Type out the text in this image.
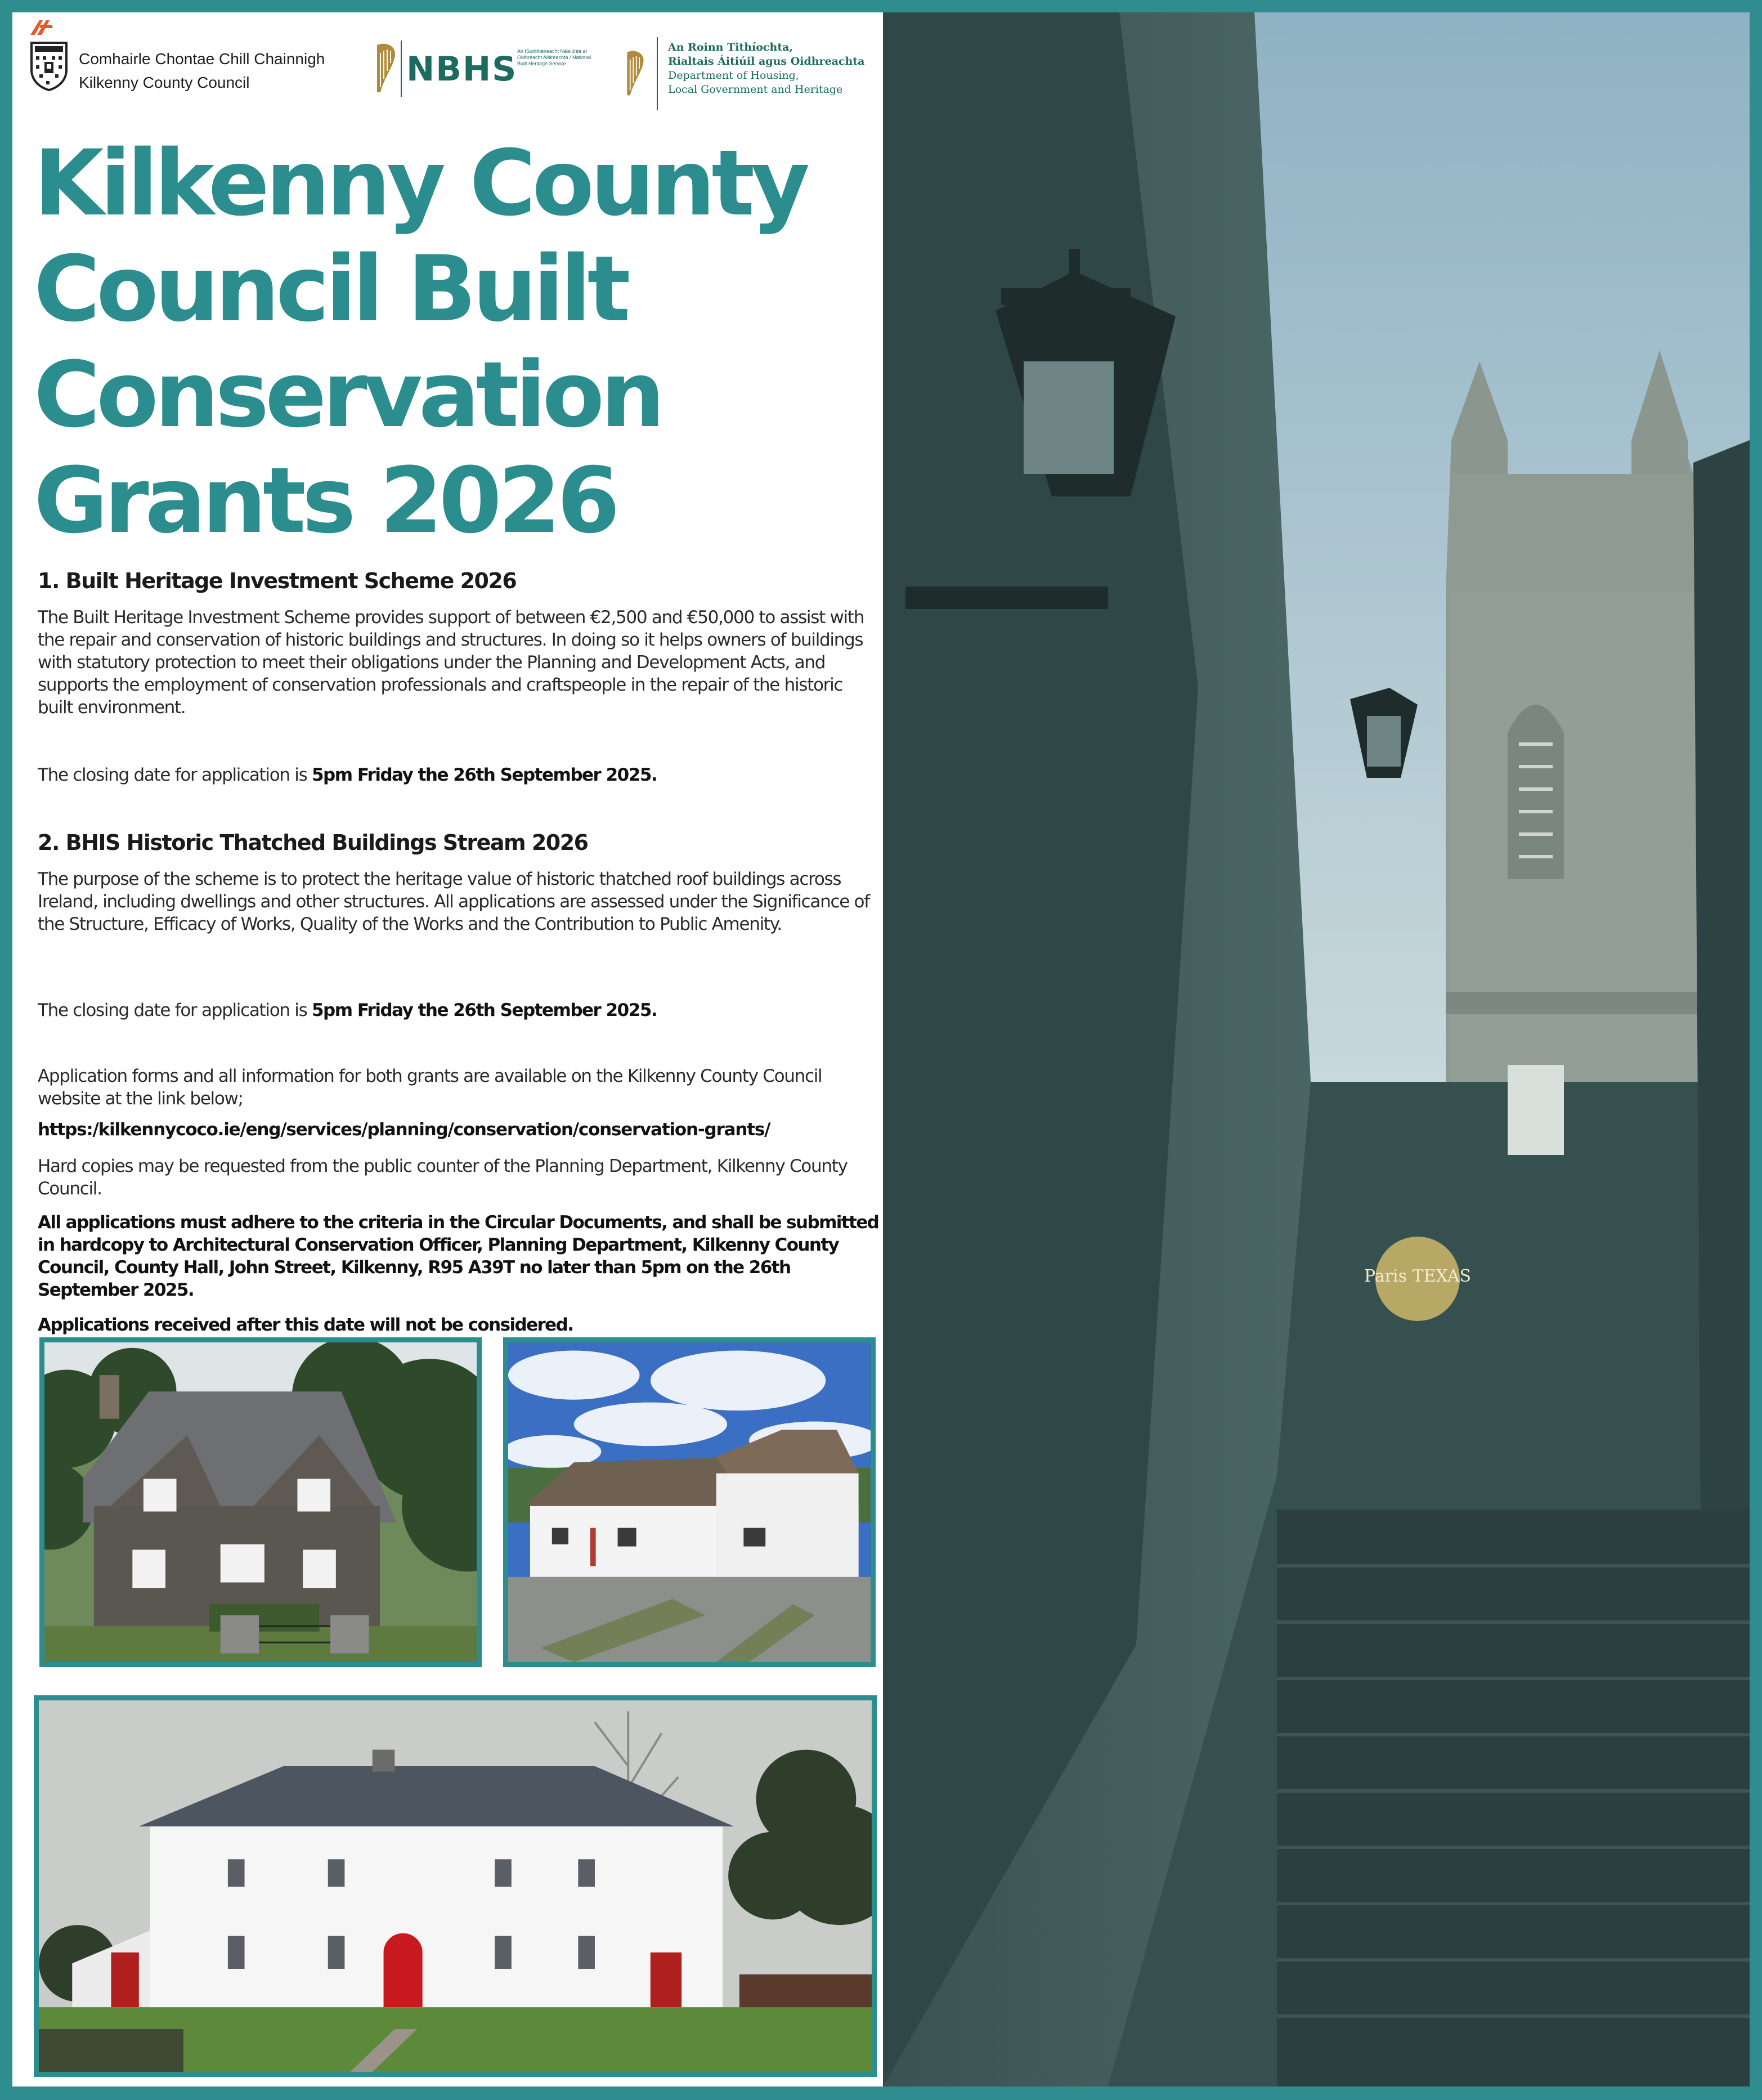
Comhairle Chontae Chill Chainnigh
Kilkenny County Council	NBHS An tSuirbhéireacht Náisiúnta ar Oidhreacht Ailtireachta / National Built Heritage Service
An Roinn Tithíochta,
Rialtais Áitiúil agus Oidhreachta
Department of Housing,
Local Government and Heritage
Kilkenny County
Council Built
Conservation
Grants 2026
1. Built Heritage Investment Scheme 2026

The Built Heritage Investment Scheme provides support of between €2,500 and €50,000 to assist with the repair and conservation of historic buildings and structures. In doing so it helps owners of buildings with statutory protection to meet their obligations under the Planning and Development Acts, and supports the employment of conservation professionals and craftspeople in the repair of the historic built environment.

The closing date for application is 5pm Friday the 26th September 2025.

2. BHIS Historic Thatched Buildings Stream 2026

The purpose of the scheme is to protect the heritage value of historic thatched roof buildings across Ireland, including dwellings and other structures. All applications are assessed under the Significance of the Structure, Efficacy of Works, Quality of the Works and the Contribution to Public Amenity.

The closing date for application is 5pm Friday the 26th September 2025.

Application forms and all information for both grants are available on the Kilkenny County Council website at the link below;

https:/kilkennycoco.ie/eng/services/planning/conservation/conservation-grants/

Hard copies may be requested from the public counter of the Planning Department, Kilkenny County Council.

All applications must adhere to the criteria in the Circular Documents, and shall be submitted in hardcopy to Architectural Conservation Officer, Planning Department, Kilkenny County Council, County Hall, John Street, Kilkenny, R95 A39T no later than 5pm on the 26th September 2025.

Applications received after this date will not be considered.

Paris TEXAS
